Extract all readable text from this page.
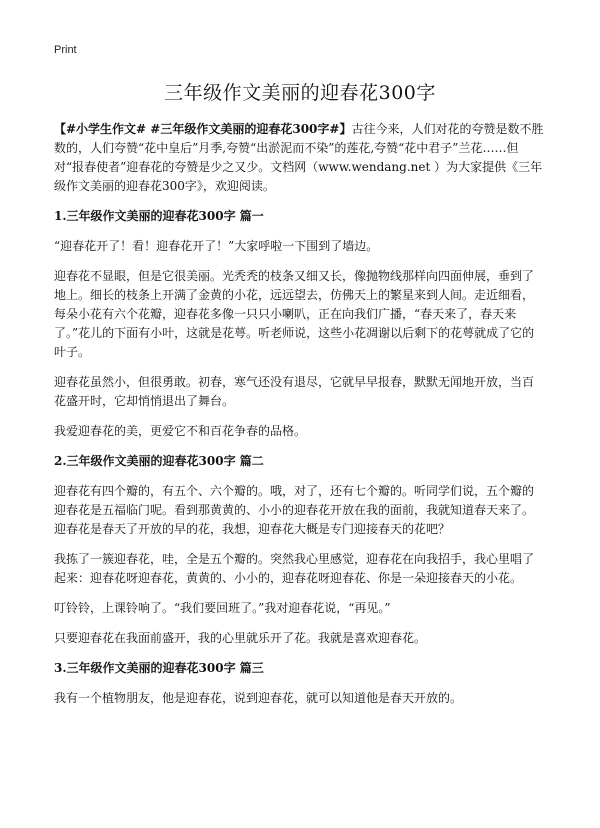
Print
三年级作文美丽的迎春花300字

【#小学生作文# #三年级作文美丽的迎春花300字#】古往今来，人们对花的夸赞是数不胜数的，人们夸赞“花中皇后”月季,夸赞“出淤泥而不染”的莲花,夸赞“花中君子”兰花……但对“报春使者”迎春花的夸赞是少之又少。文档网（www.wendang.net ）为大家提供《三年级作文美丽的迎春花300字》，欢迎阅读。

1.三年级作文美丽的迎春花300字 篇一

“迎春花开了！看！迎春花开了！”大家呼啦一下围到了墙边。

迎春花不显眼，但是它很美丽。光秃秃的枝条又细又长，像抛物线那样向四面伸展，垂到了地上。细长的枝条上开满了金黄的小花，远远望去，仿佛天上的繁星来到人间。走近细看，每朵小花有六个花瓣，迎春花多像一只只小喇叭，正在向我们广播，“春天来了，春天来了。”花儿的下面有小叶，这就是花萼。听老师说，这些小花凋谢以后剩下的花萼就成了它的叶子。

迎春花虽然小，但很勇敢。初春，寒气还没有退尽，它就早早报春，默默无闻地开放，当百花盛开时，它却悄悄退出了舞台。

我爱迎春花的美，更爱它不和百花争春的品格。

2.三年级作文美丽的迎春花300字 篇二

迎春花有四个瓣的，有五个、六个瓣的。哦，对了，还有七个瓣的。听同学们说，五个瓣的迎春花是五福临门呢。看到那黄黄的、小小的迎春花开放在我的面前，我就知道春天来了。迎春花是春天了开放的早的花，我想，迎春花大概是专门迎接春天的花吧？

我拣了一簇迎春花，哇，全是五个瓣的。突然我心里感觉，迎春花在向我招手，我心里唱了起来：迎春花呀迎春花，黄黄的、小小的，迎春花呀迎春花、你是一朵迎接春天的小花。

叮铃铃，上课铃响了。“我们要回班了。”我对迎春花说，“再见。”

只要迎春花在我面前盛开，我的心里就乐开了花。我就是喜欢迎春花。

3.三年级作文美丽的迎春花300字 篇三

我有一个植物朋友，他是迎春花，说到迎春花，就可以知道他是春天开放的。
